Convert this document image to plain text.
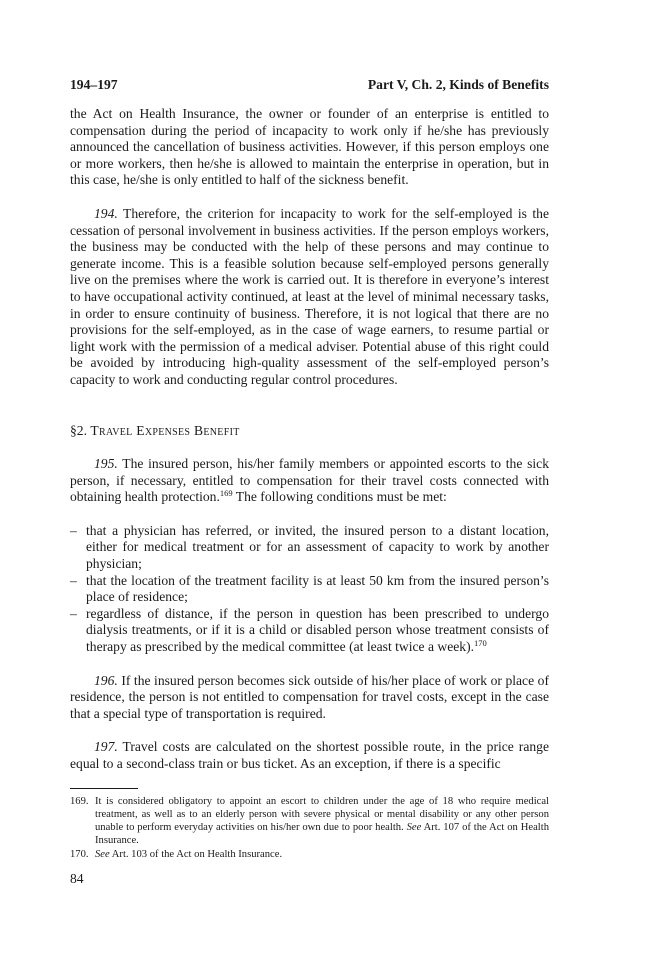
194–197	Part V, Ch. 2, Kinds of Benefits

the Act on Health Insurance, the owner or founder of an enterprise is entitled to compensation during the period of incapacity to work only if he/she has previously announced the cancellation of business activities. However, if this person employs one or more workers, then he/she is allowed to maintain the enterprise in operation, but in this case, he/she is only entitled to half of the sickness benefit.

194. Therefore, the criterion for incapacity to work for the self-employed is the cessation of personal involvement in business activities. If the person employs workers, the business may be conducted with the help of these persons and may continue to generate income. This is a feasible solution because self-employed persons generally live on the premises where the work is carried out. It is therefore in everyone’s interest to have occupational activity continued, at least at the level of minimal necessary tasks, in order to ensure continuity of business. Therefore, it is not logical that there are no provisions for the self-employed, as in the case of wage earners, to resume partial or light work with the permission of a medical adviser. Potential abuse of this right could be avoided by introducing high-quality assessment of the self-employed person’s capacity to work and conducting regular control procedures.

§2. Travel Expenses Benefit

195. The insured person, his/her family members or appointed escorts to the sick person, if necessary, entitled to compensation for their travel costs connected with obtaining health protection.$^{169}$ The following conditions must be met:

– that a physician has referred, or invited, the insured person to a distant location, either for medical treatment or for an assessment of capacity to work by another physician;
– that the location of the treatment facility is at least 50 km from the insured person’s place of residence;
– regardless of distance, if the person in question has been prescribed to undergo dialysis treatments, or if it is a child or disabled person whose treatment consists of therapy as prescribed by the medical committee (at least twice a week).$^{170}$

196. If the insured person becomes sick outside of his/her place of work or place of residence, the person is not entitled to compensation for travel costs, except in the case that a special type of transportation is required.

197. Travel costs are calculated on the shortest possible route, in the price range equal to a second-class train or bus ticket. As an exception, if there is a specific

169. It is considered obligatory to appoint an escort to children under the age of 18 who require medical treatment, as well as to an elderly person with severe physical or mental disability or any other person unable to perform everyday activities on his/her own due to poor health. See Art. 107 of the Act on Health Insurance.
170. See Art. 103 of the Act on Health Insurance.
84
